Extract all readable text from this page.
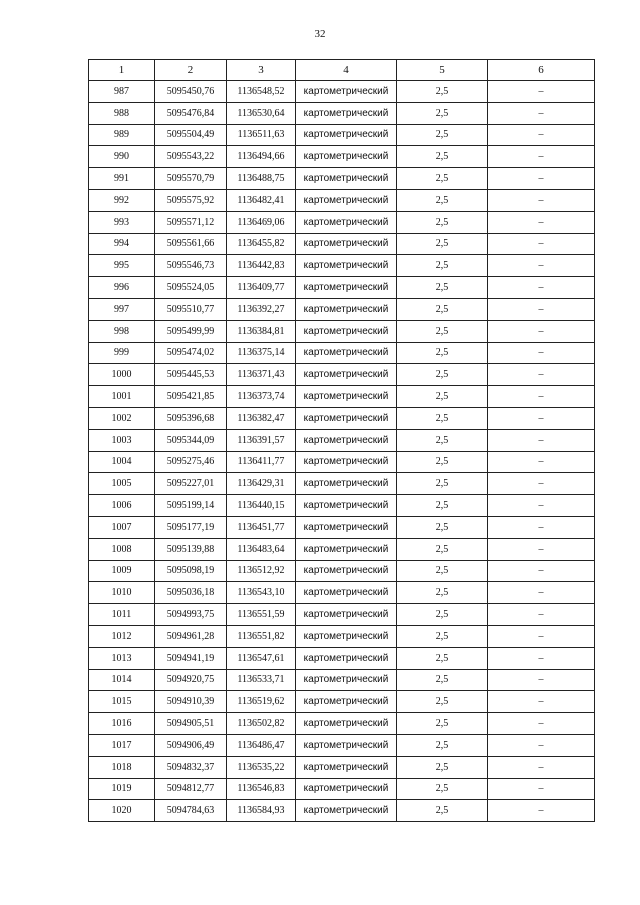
32
1	2	3	4	5	6
987	5095450,76	1136548,52	картометрический	2,5	–
988	5095476,84	1136530,64	картометрический	2,5	–
989	5095504,49	1136511,63	картометрический	2,5	–
990	5095543,22	1136494,66	картометрический	2,5	–
991	5095570,79	1136488,75	картометрический	2,5	–
992	5095575,92	1136482,41	картометрический	2,5	–
993	5095571,12	1136469,06	картометрический	2,5	–
994	5095561,66	1136455,82	картометрический	2,5	–
995	5095546,73	1136442,83	картометрический	2,5	–
996	5095524,05	1136409,77	картометрический	2,5	–
997	5095510,77	1136392,27	картометрический	2,5	–
998	5095499,99	1136384,81	картометрический	2,5	–
999	5095474,02	1136375,14	картометрический	2,5	–
1000	5095445,53	1136371,43	картометрический	2,5	–
1001	5095421,85	1136373,74	картометрический	2,5	–
1002	5095396,68	1136382,47	картометрический	2,5	–
1003	5095344,09	1136391,57	картометрический	2,5	–
1004	5095275,46	1136411,77	картометрический	2,5	–
1005	5095227,01	1136429,31	картометрический	2,5	–
1006	5095199,14	1136440,15	картометрический	2,5	–
1007	5095177,19	1136451,77	картометрический	2,5	–
1008	5095139,88	1136483,64	картометрический	2,5	–
1009	5095098,19	1136512,92	картометрический	2,5	–
1010	5095036,18	1136543,10	картометрический	2,5	–
1011	5094993,75	1136551,59	картометрический	2,5	–
1012	5094961,28	1136551,82	картометрический	2,5	–
1013	5094941,19	1136547,61	картометрический	2,5	–
1014	5094920,75	1136533,71	картометрический	2,5	–
1015	5094910,39	1136519,62	картометрический	2,5	–
1016	5094905,51	1136502,82	картометрический	2,5	–
1017	5094906,49	1136486,47	картометрический	2,5	–
1018	5094832,37	1136535,22	картометрический	2,5	–
1019	5094812,77	1136546,83	картометрический	2,5	–
1020	5094784,63	1136584,93	картометрический	2,5	–
